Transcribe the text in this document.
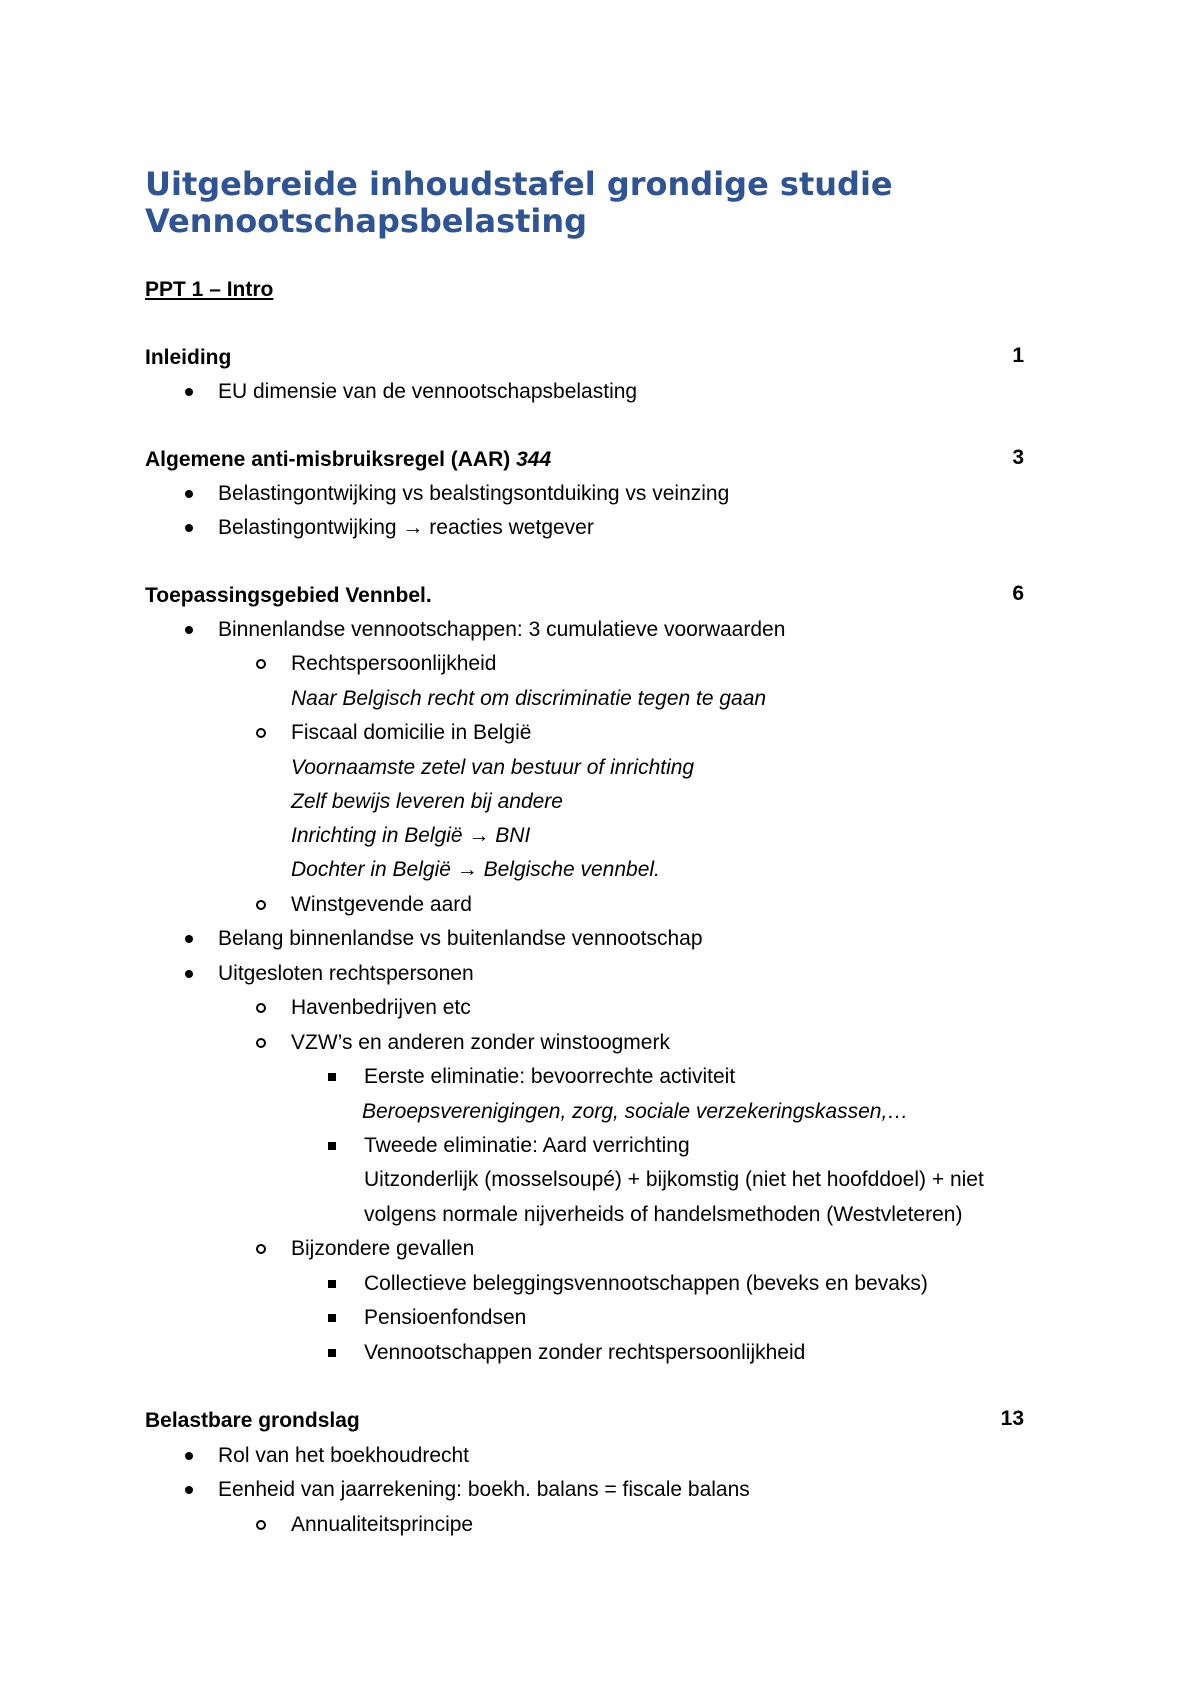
Uitgebreide inhoudstafel grondige studie
Vennootschapsbelasting
PPT 1 – Intro
Inleiding	1
EU dimensie van de vennootschapsbelasting
Algemene anti-misbruiksregel (AAR) 344	3
Belastingontwijking vs bealstingsontduiking vs veinzing
Belastingontwijking → reacties wetgever
Toepassingsgebied Vennbel.	6
Binnenlandse vennootschappen: 3 cumulatieve voorwaarden
Rechtspersoonlijkheid
Naar Belgisch recht om discriminatie tegen te gaan
Fiscaal domicilie in België
Voornaamste zetel van bestuur of inrichting
Zelf bewijs leveren bij andere
Inrichting in België → BNI
Dochter in België → Belgische vennbel.
Winstgevende aard
Belang binnenlandse vs buitenlandse vennootschap
Uitgesloten rechtspersonen
Havenbedrijven etc
VZW’s en anderen zonder winstoogmerk
Eerste eliminatie: bevoorrechte activiteit
Beroepsverenigingen, zorg, sociale verzekeringskassen,…
Tweede eliminatie: Aard verrichting
Uitzonderlijk (mosselsoupé) + bijkomstig (niet het hoofddoel) + niet
volgens normale nijverheids of handelsmethoden (Westvleteren)
Bijzondere gevallen
Collectieve beleggingsvennootschappen (beveks en bevaks)
Pensioenfondsen
Vennootschappen zonder rechtspersoonlijkheid
Belastbare grondslag	13
Rol van het boekhoudrecht
Eenheid van jaarrekening: boekh. balans = fiscale balans
Annualiteitsprincipe
